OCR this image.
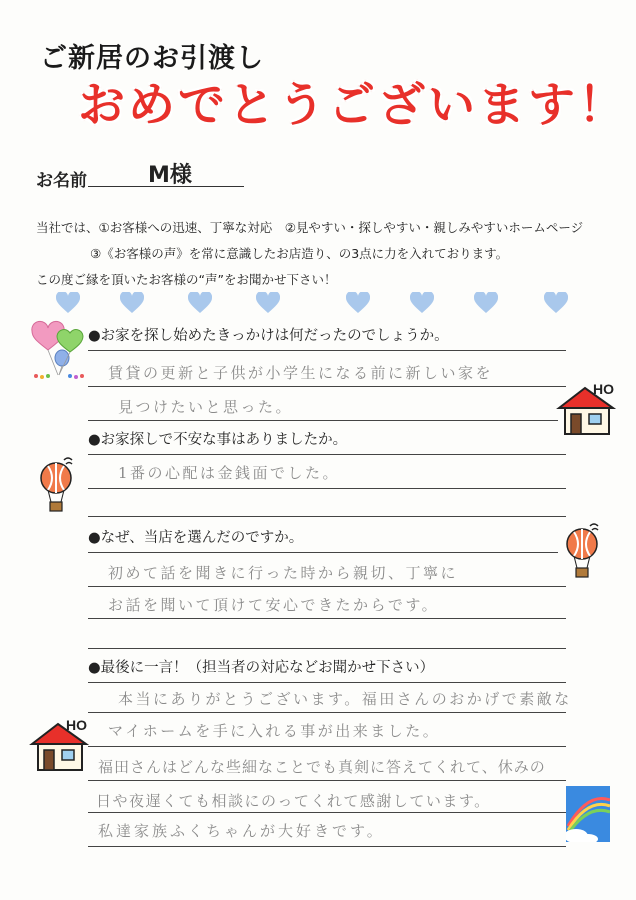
ご新居のお引渡し
おめでとうございます！
お名前	M様
当社では、①お客様への迅速、丁寧な対応　②見やすい・探しやすい・親しみやすいホームページ
③《お客様の声》を常に意識したお店造り、の3点に力を入れております。
この度ご縁を頂いたお客様の“声”をお聞かせ下さい！
●お家を探し始めたきっかけは何だったのでしょうか。
賃貸の更新と子供が小学生になる前に新しい家を
見つけたいと思った。
HO
●お家探しで不安な事はありましたか。
1番の心配は金銭面でした。
●なぜ、当店を選んだのですか。
初めて話を聞きに行った時から親切、丁寧に
お話を聞いて頂けて安心できたからです。
●最後に一言！（担当者の対応などお聞かせ下さい）
本当にありがとうございます。福田さんのおかげで素敵な
マイホームを手に入れる事が出来ました。
福田さんはどんな些細なことでも真剣に答えてくれて、休みの
日や夜遅くても相談にのってくれて感謝しています。
私達家族ふくちゃんが大好きです。
HO
